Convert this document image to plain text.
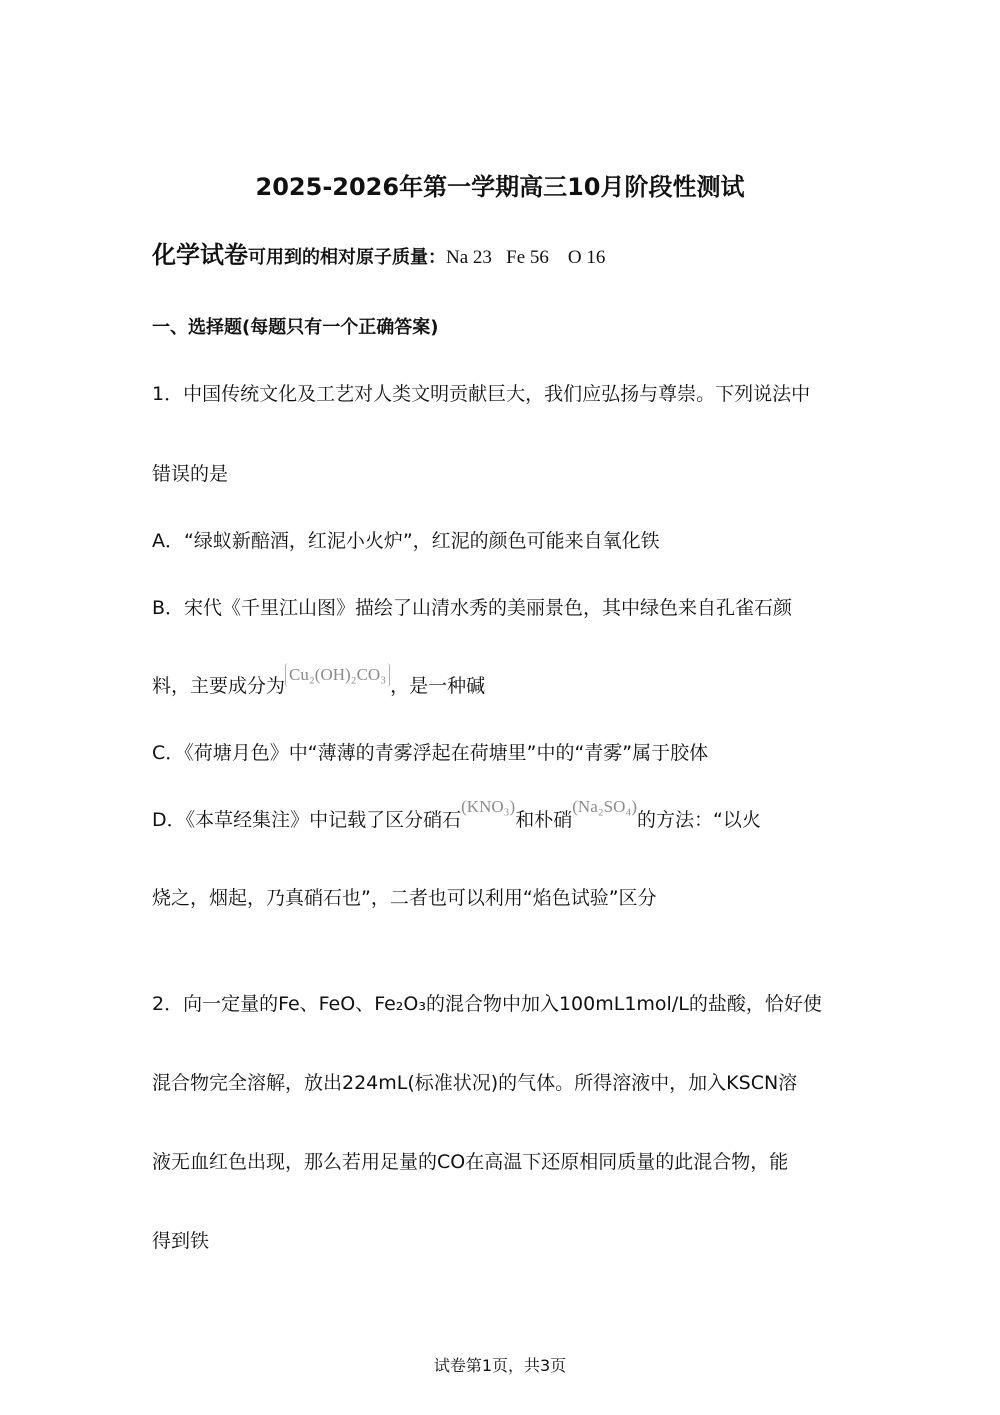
2025-2026年第一学期高三10月阶段性测试
化学试卷可用到的相对原子质量：Na 23   Fe 56    O 16
一、选择题(每题只有一个正确答案)
1．中国传统文化及工艺对人类文明贡献巨大，我们应弘扬与尊崇。下列说法中
错误的是
A．“绿蚁新醅酒，红泥小火炉”，红泥的颜色可能来自氧化铁
B．宋代《千里江山图》描绘了山清水秀的美丽景色，其中绿色来自孔雀石颜
料，主要成分为Cu₂(OH)₂CO₃，是一种碱
C．《荷塘月色》中“薄薄的青雾浮起在荷塘里”中的“青雾”属于胶体
D．《本草经集注》中记载了区分硝石(KNO₃)和朴硝(Na₂SO₄)的方法：“以火
烧之，烟起，乃真硝石也”，二者也可以利用“焰色试验”区分
2．向一定量的Fe、FeO、Fe₂O₃的混合物中加入100mL1mol/L的盐酸，恰好使
混合物完全溶解，放出224mL(标准状况)的气体。所得溶液中，加入KSCN溶
液无血红色出现，那么若用足量的CO在高温下还原相同质量的此混合物，能
得到铁
试卷第1页，共3页
